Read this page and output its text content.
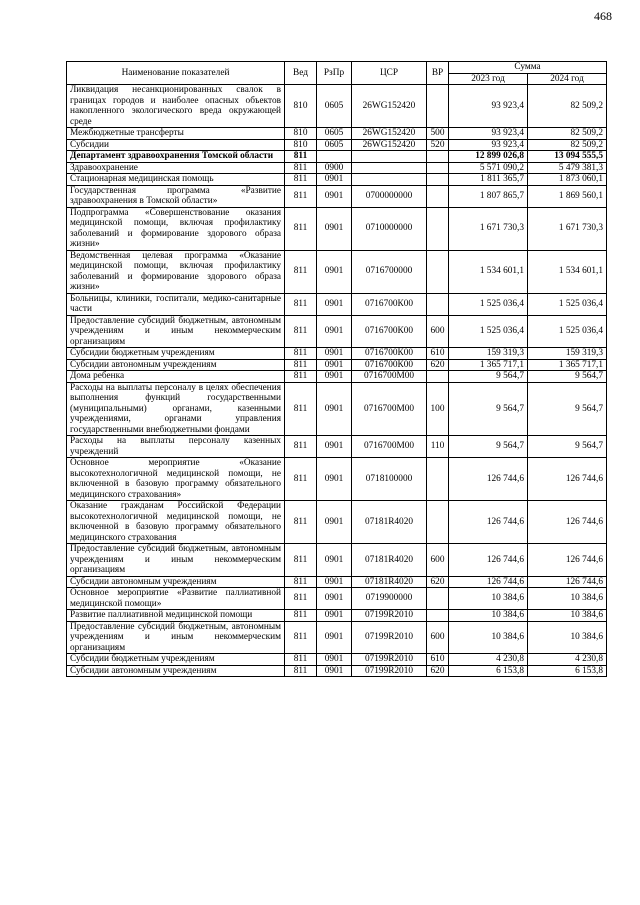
468
Наименование показателей	Вед	РзПр	ЦСР	ВР	Сумма	
					2023 год	2024 год
Ликвидация несанкционированных свалок в границах городов и наиболее опасных объектов накопленного экологического вреда окружающей среде	810	0605	26WG152420		93 923,4	82 509,2
Межбюджетные трансферты	810	0605	26WG152420	500	93 923,4	82 509,2
Субсидии	810	0605	26WG152420	520	93 923,4	82 509,2
Департамент здравоохранения Томской области	811				12 899 026,8	13 094 555,5
Здравоохранение	811	0900			5 571 090,2	5 479 381,3
Стационарная медицинская помощь	811	0901			1 811 365,7	1 873 060,1
Государственная программа «Развитие здравоохранения в Томской области»	811	0901	0700000000		1 807 865,7	1 869 560,1
Подпрограмма «Совершенствование оказания медицинской помощи, включая профилактику заболеваний и формирование здорового образа жизни»	811	0901	0710000000		1 671 730,3	1 671 730,3
Ведомственная целевая программа «Оказание медицинской помощи, включая профилактику заболеваний и формирование здорового образа жизни»	811	0901	0716700000		1 534 601,1	1 534 601,1
Больницы, клиники, госпитали, медико-санитарные части	811	0901	0716700К00		1 525 036,4	1 525 036,4
Предоставление субсидий бюджетным, автономным учреждениям и иным некоммерческим организациям	811	0901	0716700К00	600	1 525 036,4	1 525 036,4
Субсидии бюджетным учреждениям	811	0901	0716700К00	610	159 319,3	159 319,3
Субсидии автономным учреждениям	811	0901	0716700К00	620	1 365 717,1	1 365 717,1
Дома ребенка	811	0901	0716700М00		9 564,7	9 564,7
Расходы на выплаты персоналу в целях обеспечения выполнения функций государственными (муниципальными) органами, казенными учреждениями, органами управления государственными внебюджетными фондами	811	0901	0716700М00	100	9 564,7	9 564,7
Расходы на выплаты персоналу казенных учреждений	811	0901	0716700М00	110	9 564,7	9 564,7
Основное мероприятие «Оказание высокотехнологичной медицинской помощи, не включенной в базовую программу обязательного медицинского страхования»	811	0901	0718100000		126 744,6	126 744,6
Оказание гражданам Российской Федерации высокотехнологичной медицинской помощи, не включенной в базовую программу обязательного медицинского страхования	811	0901	07181R4020		126 744,6	126 744,6
Предоставление субсидий бюджетным, автономным учреждениям и иным некоммерческим организациям	811	0901	07181R4020	600	126 744,6	126 744,6
Субсидии автономным учреждениям	811	0901	07181R4020	620	126 744,6	126 744,6
Основное мероприятие «Развитие паллиативной медицинской помощи»	811	0901	0719900000		10 384,6	10 384,6
Развитие паллиативной медицинской помощи	811	0901	07199R2010		10 384,6	10 384,6
Предоставление субсидий бюджетным, автономным учреждениям и иным некоммерческим организациям	811	0901	07199R2010	600	10 384,6	10 384,6
Субсидии бюджетным учреждениям	811	0901	07199R2010	610	4 230,8	4 230,8
Субсидии автономным учреждениям	811	0901	07199R2010	620	6 153,8	6 153,8
